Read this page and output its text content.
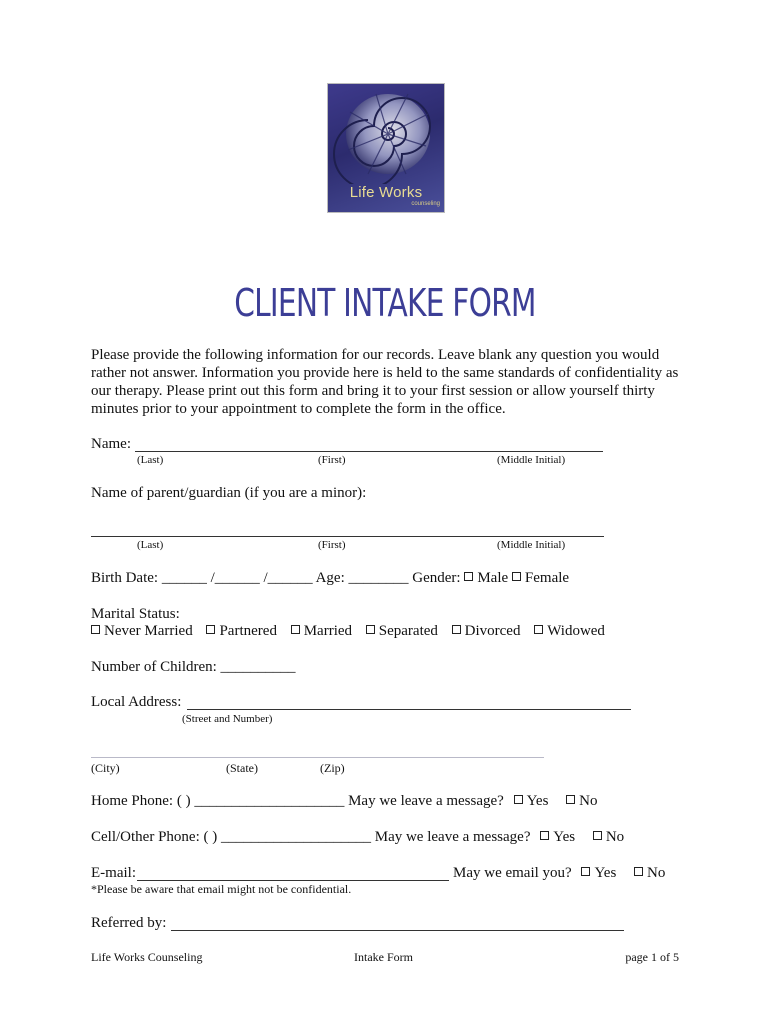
Life Works
counseling
CLIENT INTAKE FORM
Please provide the following information for our records. Leave blank any question you would rather not answer. Information you provide here is held to the same standards of confidentiality as our therapy. Please print out this form and bring it to your first session or allow yourself thirty minutes prior to your appointment to complete the form in the office.
Name:
(Last)	(First)	(Middle Initial)
Name of parent/guardian (if you are a minor):
(Last)	(First)	(Middle Initial)
Birth Date: ______ /______ /______ Age: ________ Gender: Male Female
Marital Status:
Never Married Partnered Married Separated Divorced Widowed
Number of Children: __________
Local Address:
(Street and Number)
(City)	(State)	(Zip)
Home Phone: ( ) ____________________ May we leave a message? Yes No
Cell/Other Phone: ( ) ____________________ May we leave a message? Yes No
E-mail:	May we email you? Yes No
*Please be aware that email might not be confidential.
Referred by:
Life Works Counseling	Intake Form	page 1 of 5
